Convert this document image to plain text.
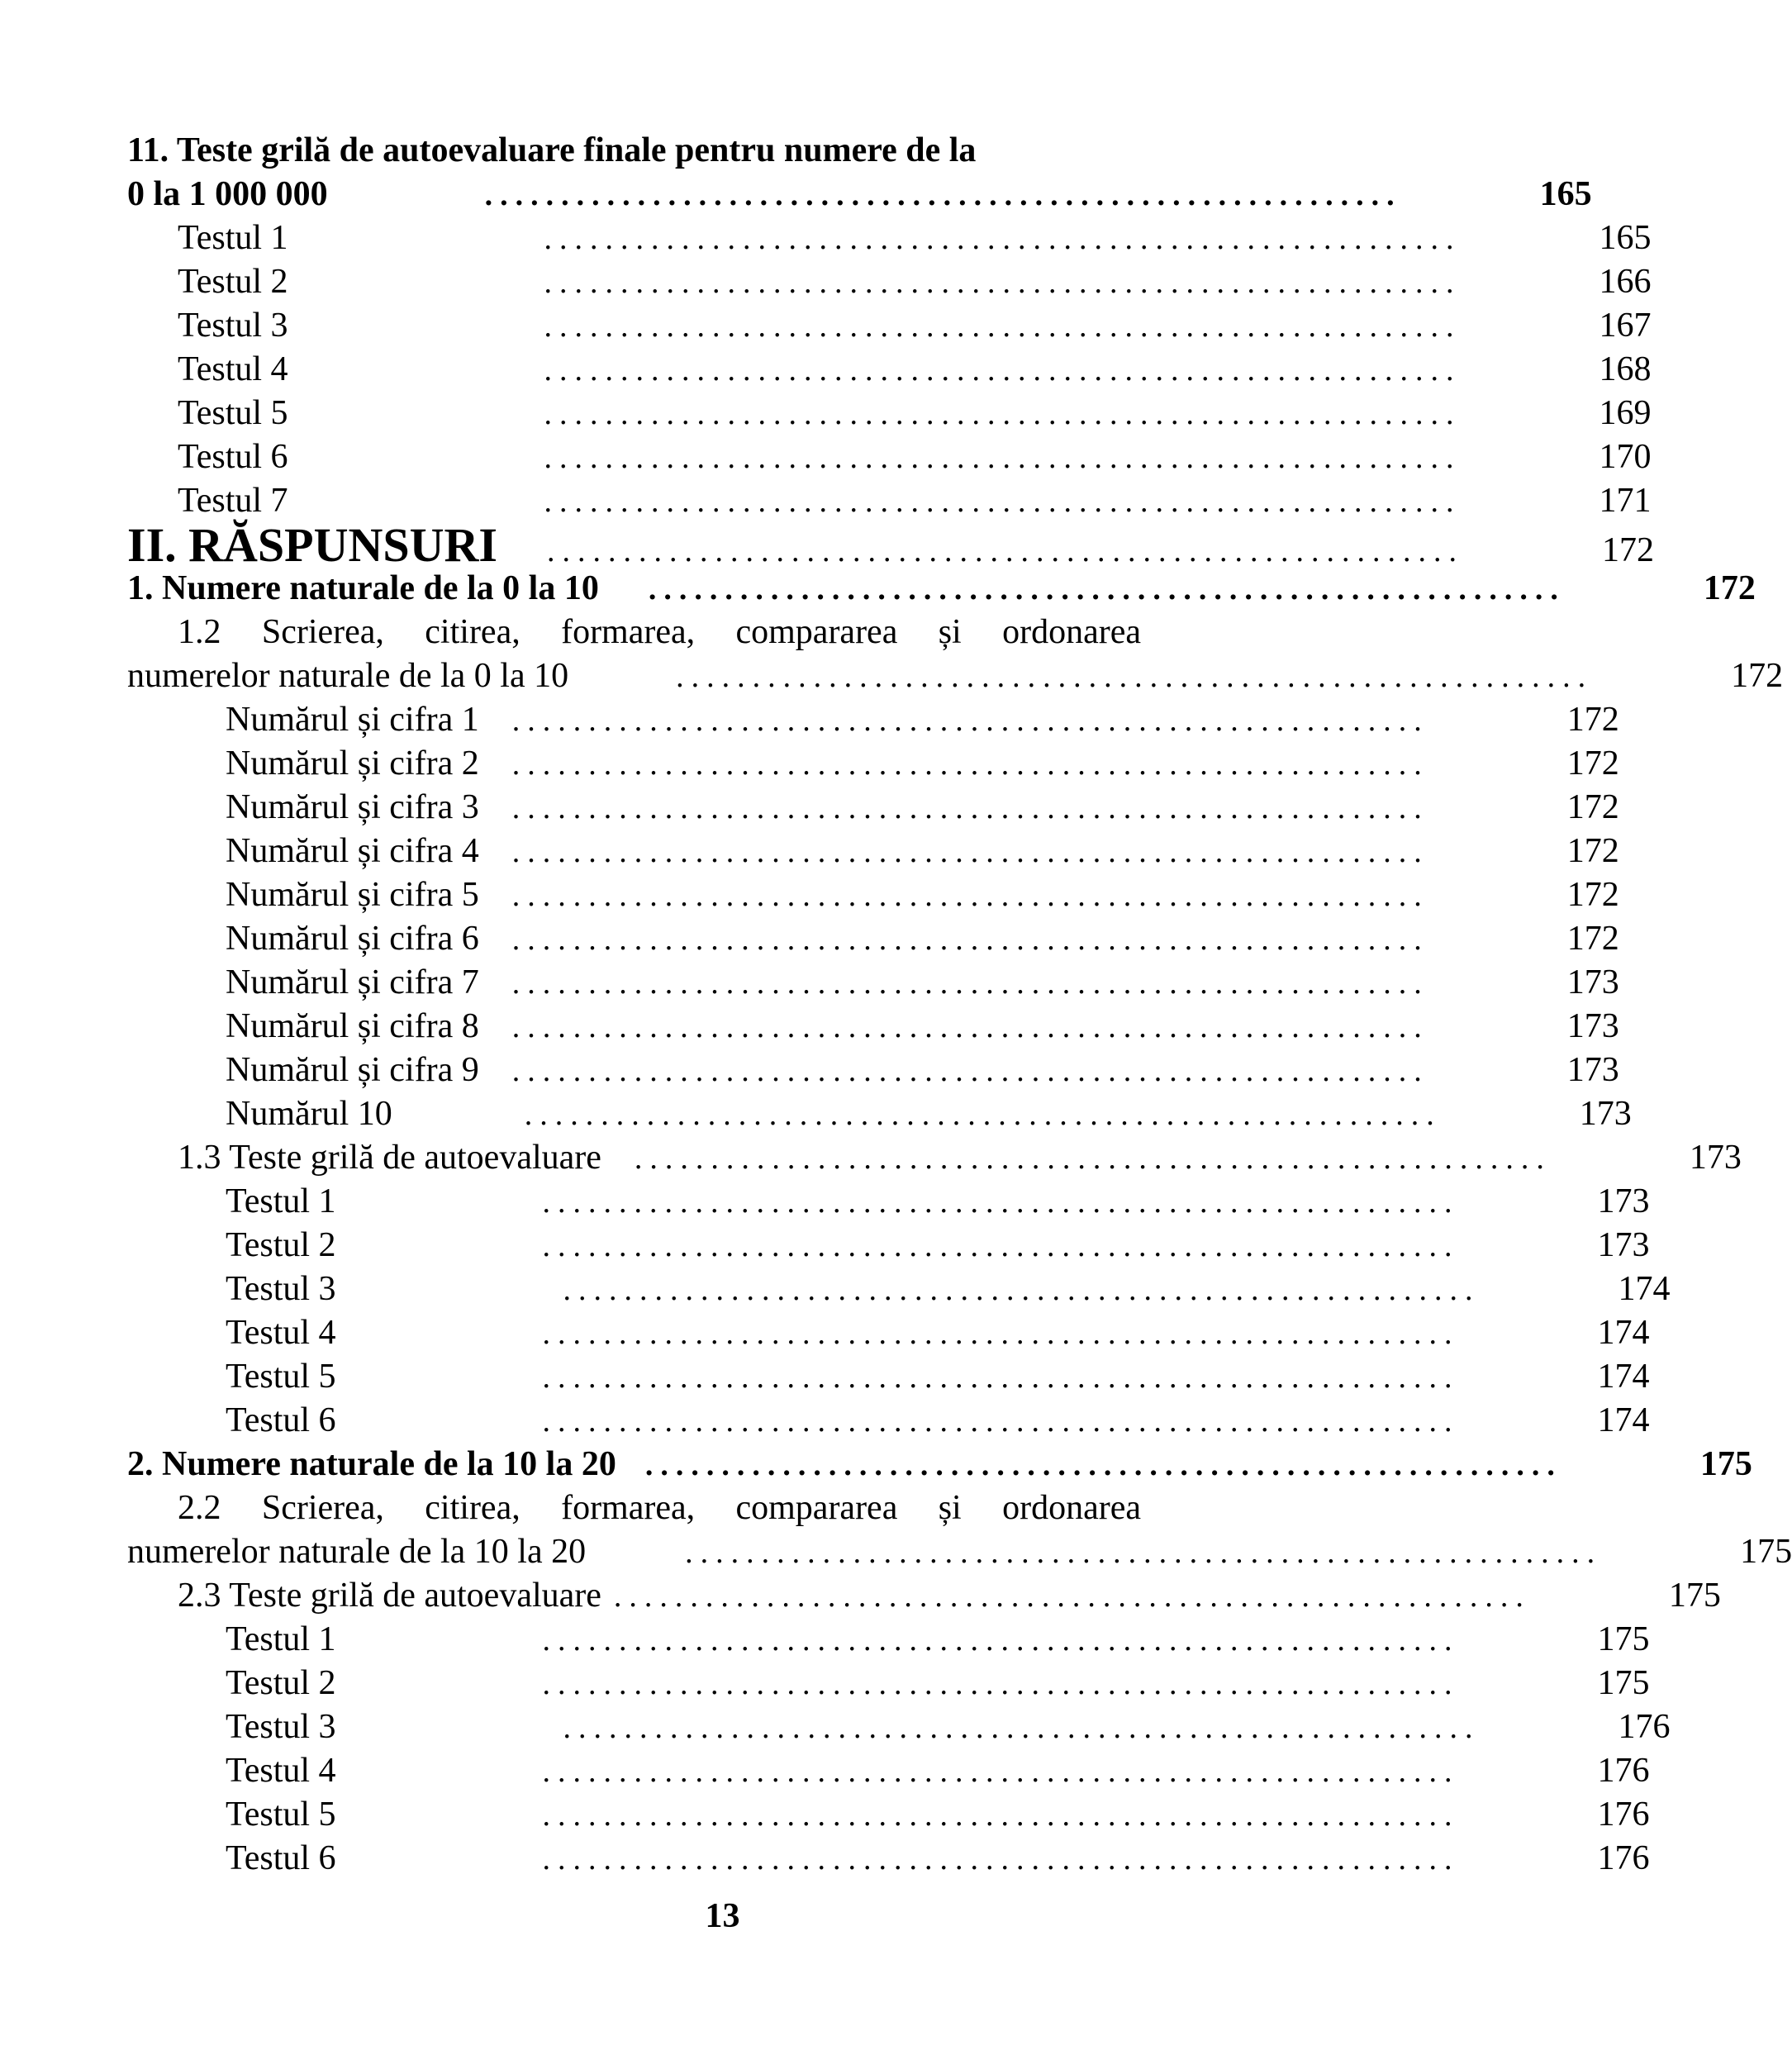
11. Teste grilă de autoevaluare finale pentru numere de la
0 la 1 000 000	............................................................	165
Testul 1	............................................................	165
Testul 2	............................................................	166
Testul 3	............................................................	167
Testul 4	............................................................	168
Testul 5	............................................................	169
Testul 6	............................................................	170
Testul 7	............................................................	171
II. RĂSPUNSURI ............................................................	172
1. Numere naturale de la 0 la 10 ............................................................	172
1.2 Scrierea, citirea, formarea, compararea și ordonarea
numerelor naturale de la 0 la 10	............................................................	172
Numărul și cifra 1 ............................................................	172
Numărul și cifra 2 ............................................................	172
Numărul și cifra 3 ............................................................	172
Numărul și cifra 4 ............................................................	172
Numărul și cifra 5 ............................................................	172
Numărul și cifra 6 ............................................................	172
Numărul și cifra 7 ............................................................	173
Numărul și cifra 8 ............................................................	173
Numărul și cifra 9 ............................................................	173
Numărul 10	............................................................	173
1.3 Teste grilă de autoevaluare ............................................................	173
Testul 1	............................................................	173
Testul 2	............................................................	173
Testul 3	............................................................	174
Testul 4	............................................................	174
Testul 5	............................................................	174
Testul 6	............................................................	174
2. Numere naturale de la 10 la 20 ............................................................	175
2.2 Scrierea, citirea, formarea, compararea și ordonarea
numerelor naturale de la 10 la 20	............................................................	175
2.3 Teste grilă de autoevaluare ............................................................	175
Testul 1	............................................................	175
Testul 2	............................................................	175
Testul 3	............................................................	176
Testul 4	............................................................	176
Testul 5	............................................................	176
Testul 6	............................................................	176
13
